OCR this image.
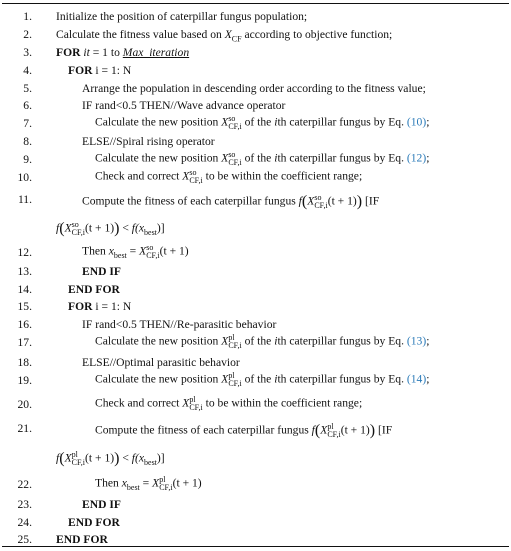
1. Initialize the position of caterpillar fungus population;
2. Calculate the fitness value based on $X_{CF}$ according to objective function;
3. FOR it = 1 to Max_iteration
4.	FOR i = 1: N
5.	Arrange the population in descending order according to the fitness value;
6.	IF rand<0.5 THEN//Wave advance operator
7.	Calculate the new position X so
CF,i of the ith caterpillar fungus by Eq. (10);
8.	ELSE//Spiral rising operator
9.	Calculate the new position X so
CF,i of the ith caterpillar fungus by Eq. (12);
10.	Check and correct X so
CF,i to be within the coefficient range;
11.	Compute the fitness of each caterpillar fungus f(X so
CF,i (t + 1)) [IF
f(X so
CF,i $(t + 1)) < f(x_{best})$]
12.	Then $x_{best} = X$ so
CF,i (t + 1)
13.	END IF
14.	END FOR
15.	FOR i = 1: N
16.	IF rand<0.5 THEN//Re-parasitic behavior
17.	Calculate the new position X pl
CF,i of the ith caterpillar fungus by Eq. (13);
18.	ELSE//Optimal parasitic behavior
19.	Calculate the new position X pl
CF,i of the ith caterpillar fungus by Eq. (14);
20.	Check and correct X pl
CF,i to be within the coefficient range;
21.	Compute the fitness of each caterpillar fungus f(X pl
CF,i (t + 1)) [IF
f(X pl
CF,i $(t + 1)) < f(x_{best})$]
22.	Then $x_{best} = X$ pl
CF,i (t + 1)
23.	END IF
24.	END FOR
25. END FOR
